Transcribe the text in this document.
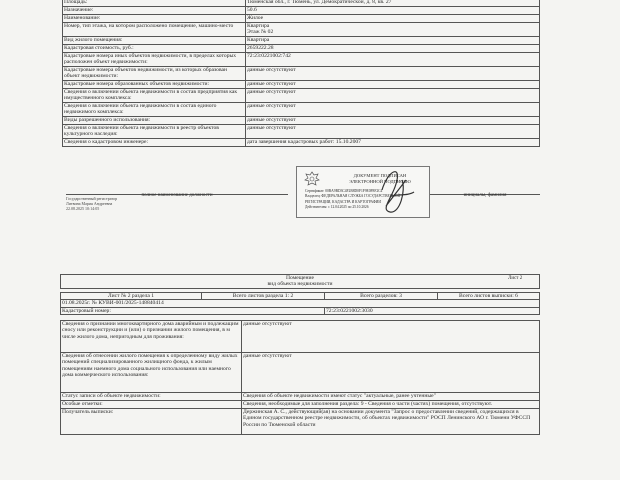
Площадь:	Тюменская обл., г. Тюмень, ул. Демократической, д. 8, кв. 27
Назначение:	50.6
Наименование:	Жилое
Номер, тип этажа, на котором расположено помещение, машино-место	Квартира
Этаж № 02
Вид жилого помещения:	Квартира
Кадастровая стоимость, руб.:	2659222.28
Кадастровые номера иных объектов недвижимости, в пределах которых расположен объект недвижимости:	72:23:0221002:742
Кадастровые номера объектов недвижимости, из которых образован объект недвижимости:	данные отсутствуют
Кадастровые номера образованных объектов недвижимости:	данные отсутствуют
Сведения о включении объекта недвижимости в состав предприятия как имущественного комплекса:	данные отсутствуют
Сведения о включении объекта недвижимости в состав единого недвижимого комплекса:	данные отсутствуют
Виды разрешенного использования:	данные отсутствуют
Сведения о включении объекта недвижимости в реестр объектов культурного наследия:	данные отсутствуют
Сведения о кадастровом инженере:	дата завершения кадастровых работ: 15.10.2007
полное наименование должности
Государственный регистратор
Литвина Мария Андреевна
22.08.2025 10:14:05
ДОКУМЕНТ ПОДПИСАН
ЭЛЕКТРОННОЙ ПОДПИСЬЮ
Сертификат: 00BA9BD3C4F2B8D0F1F9E0F8F2C4
Владелец: ФЕДЕРАЛЬНАЯ СЛУЖБА ГОСУДАРСТВЕННОЙ
РЕГИСТРАЦИИ, КАДАСТРА И КАРТОГРАФИИ
Действителен: с 12.04.2025 по 25.10.2026
инициалы, фамилия
Лист 2
Помещение
вид объекта недвижимости
Лист № 2 раздела 1	Всего листов раздела 1: 2	Всего разделов: 3	Всего листов выписки: 6
01.08.2025г. № КУВИ-001/2025-148840414			
Кадастровый номер:		72:23:0221002:3030	
Сведения о признании многоквартирного дома аварийным и подлежащим сносу или реконструкции и (или) о признании жилого помещения, в м числе жилого дома, непригодным для проживания:	данные отсутствуют
Сведения об отнесении жилого помещения к определенному виду жилых помещений специализированного жилищного фонда, к жилым помещениям наемного дома социального использования или наемного дома коммерческого использования:	данные отсутствуют
Статус записи об объекте недвижимости:	Сведения об объекте недвижимости имеют статус "актуальные, ранее учтенные"
Особые отметки:	Сведения, необходимые для заполнения раздела: 9 - Сведения о части (частях) помещения, отсутствуют.
Получатель выписки:	Держинская А. С., действующий(ая) на основании документа "Запрос о предоставлении сведений, содержащихся в Едином государственном реестре недвижимости, об объектах недвижимости" РОСП Ленинского АО г. Тюмени УФССП России по Тюменской области
